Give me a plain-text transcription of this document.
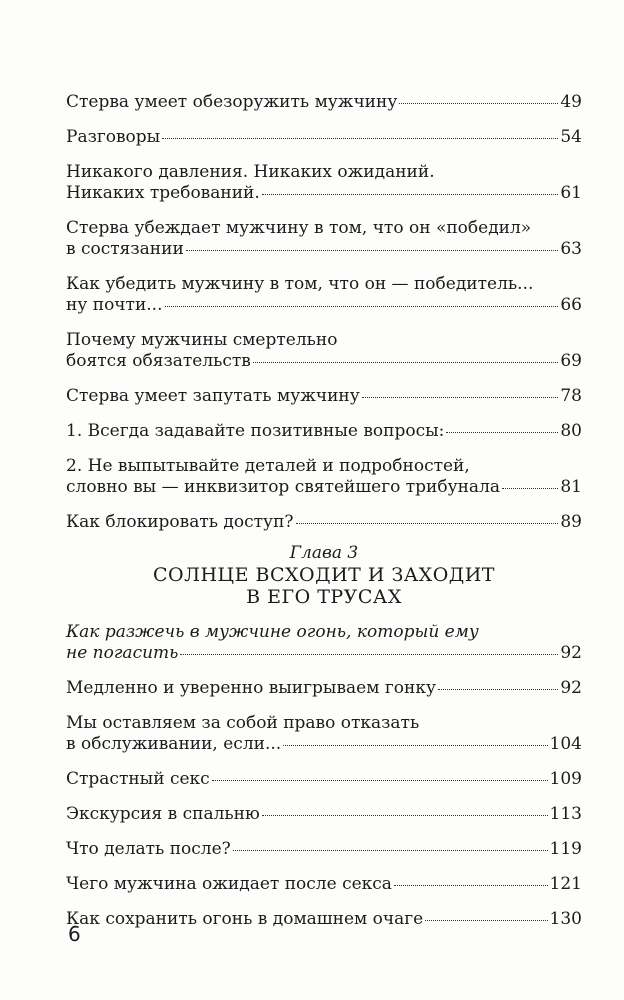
Стерва умеет обезоружить мужчину	49
Разговоры	54
Никакого давления. Никаких ожиданий.
Никаких требований.	61
Стерва убеждает мужчину в том, что он «победил»
в состязании	63
Как убедить мужчину в том, что он — победитель...
ну почти...	66
Почему мужчины смертельно
боятся обязательств	69
Стерва умеет запутать мужчину	78
1. Всегда задавайте позитивные вопросы:	80
2. Не выпытывайте деталей и подробностей,
словно вы — инквизитор святейшего трибунала	81
Как блокировать доступ?	89
Глава 3
СОЛНЦЕ ВСХОДИТ И ЗАХОДИТ
В ЕГО ТРУСАХ
Как разжечь в мужчине огонь, который ему
не погасить	92
Медленно и уверенно выигрываем гонку	92
Мы оставляем за собой право отказать
в обслуживании, если...	104
Страстный секс	109
Экскурсия в спальню	113
Что делать после?	119
Чего мужчина ожидает после секса	121
Как сохранить огонь в домашнем очаге	130
6
